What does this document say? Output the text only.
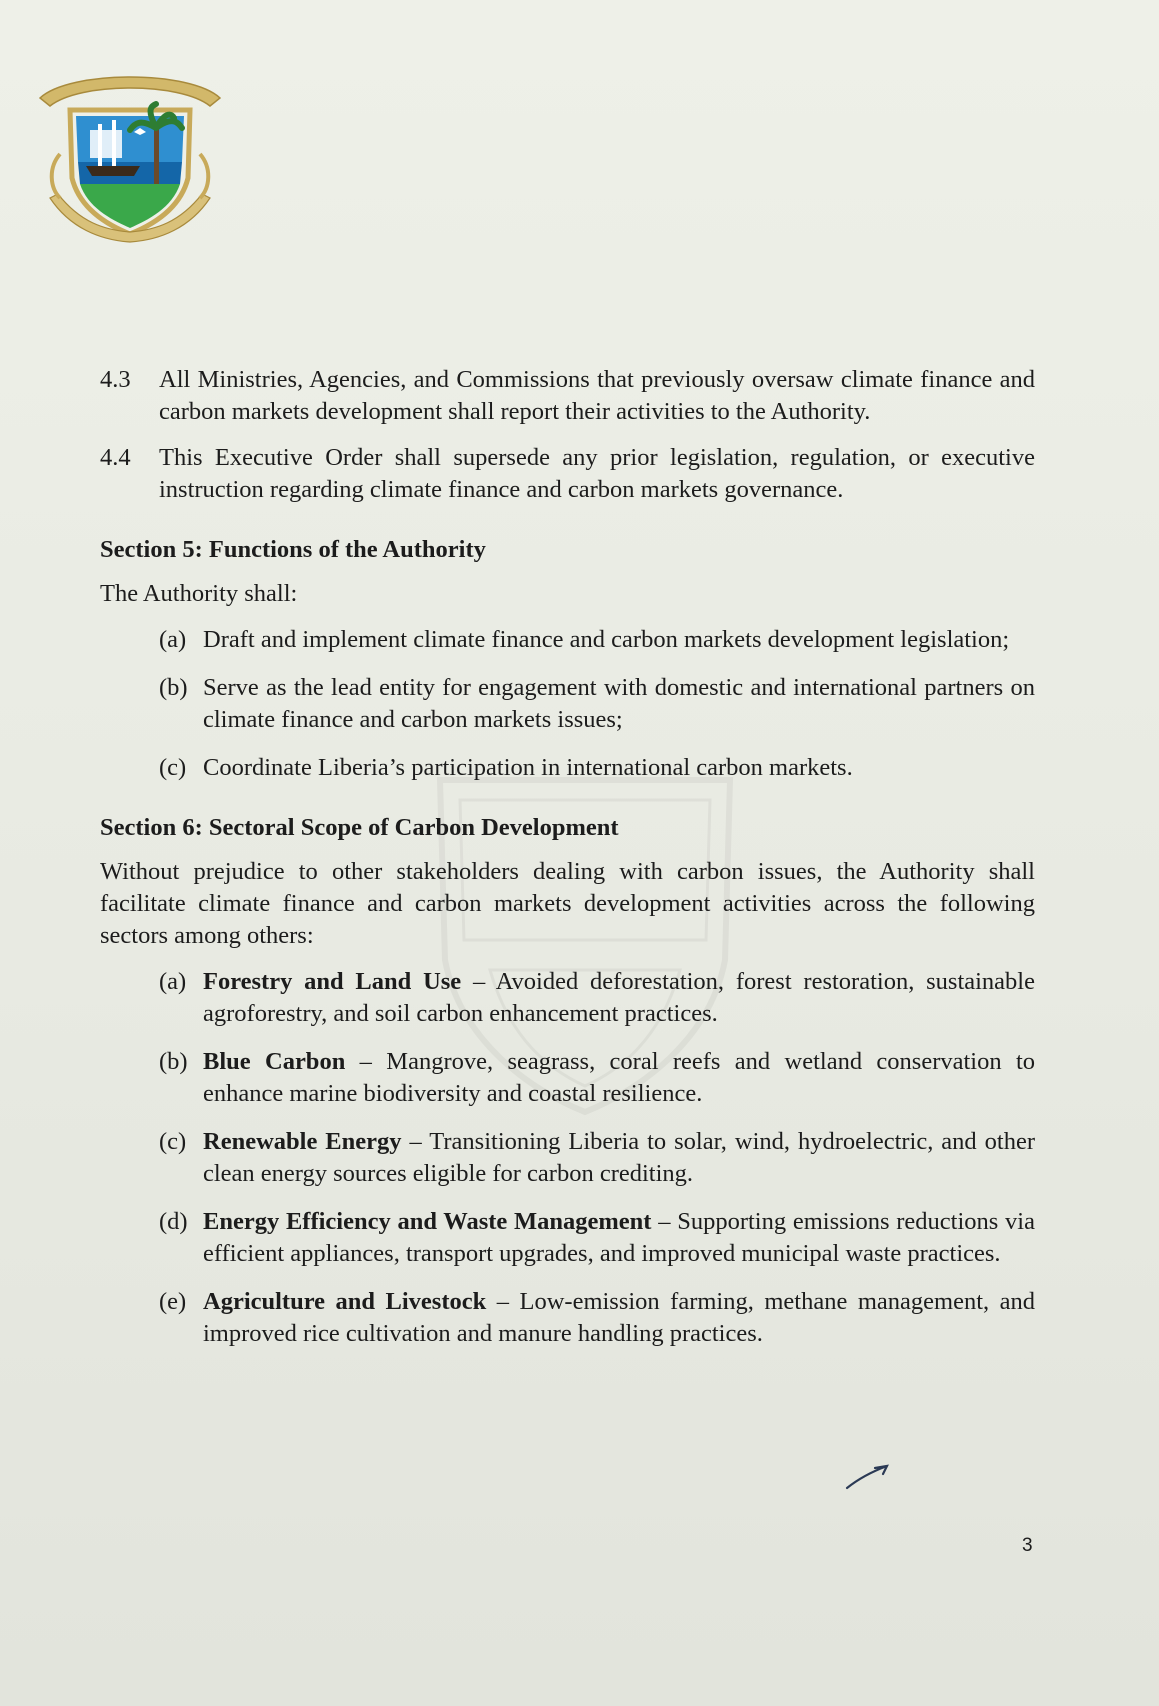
4.3	All Ministries, Agencies, and Commissions that previously oversaw climate finance and carbon markets development shall report their activities to the Authority.
4.4	This Executive Order shall supersede any prior legislation, regulation, or executive instruction regarding climate finance and carbon markets governance.
Section 5: Functions of the Authority
The Authority shall:
(a) Draft and implement climate finance and carbon markets development legislation;
(b) Serve as the lead entity for engagement with domestic and international partners on climate finance and carbon markets issues;
(c) Coordinate Liberia’s participation in international carbon markets.
Section 6: Sectoral Scope of Carbon Development
Without prejudice to other stakeholders dealing with carbon issues, the Authority shall facilitate climate finance and carbon markets development activities across the following sectors among others:
(a) Forestry and Land Use – Avoided deforestation, forest restoration, sustainable agroforestry, and soil carbon enhancement practices.
(b) Blue Carbon – Mangrove, seagrass, coral reefs and wetland conservation to enhance marine biodiversity and coastal resilience.
(c) Renewable Energy – Transitioning Liberia to solar, wind, hydroelectric, and other clean energy sources eligible for carbon crediting.
(d) Energy Efficiency and Waste Management – Supporting emissions reductions via efficient appliances, transport upgrades, and improved municipal waste practices.
(e) Agriculture and Livestock – Low-emission farming, methane management, and improved rice cultivation and manure handling practices.
3
